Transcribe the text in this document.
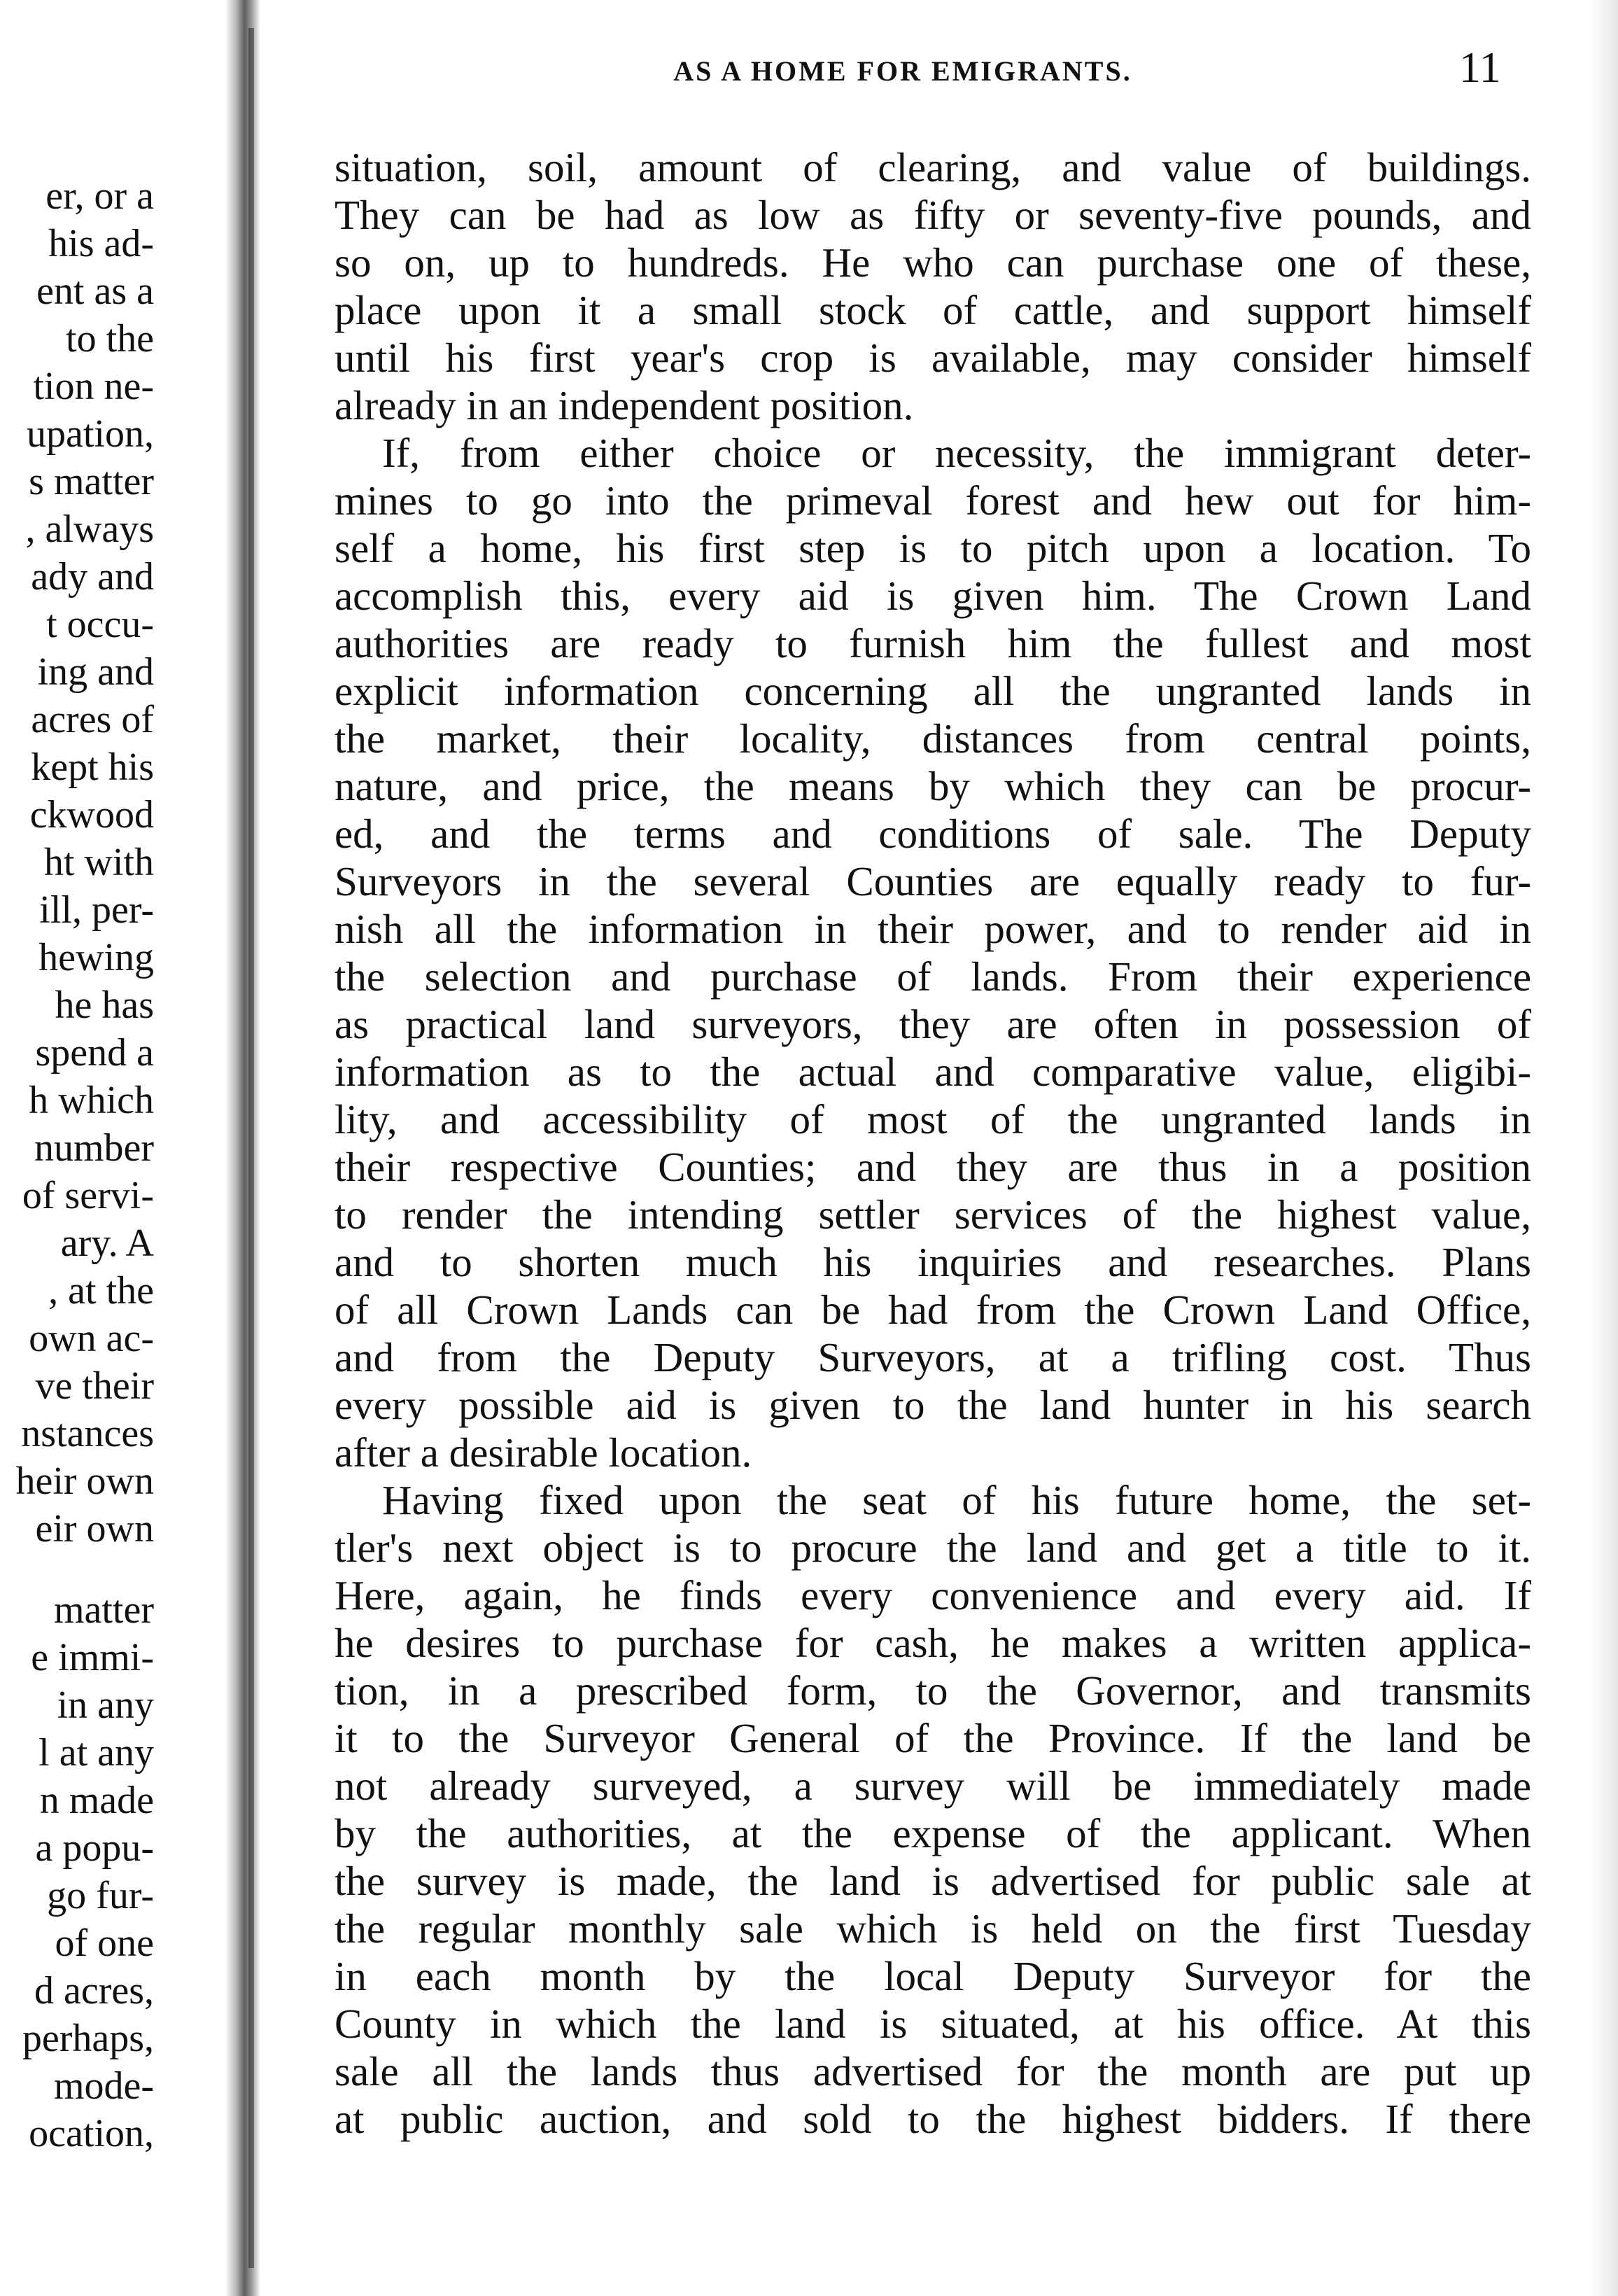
er, or a
his ad-
ent as a
to the
tion ne-
upation,
s matter
, always
ady and
t occu-
ing and
acres of
kept his
ckwood
ht with
ill, per-
hewing
he has
spend a
h which
number
of servi-
ary. A
, at the
own ac-
ve their
nstances
heir own
eir own
matter
e immi-
in any
l at any
n made
a popu-
go fur-
of one
d acres,
perhaps,
mode-
ocation,
AS A HOME FOR EMIGRANTS.	11
situation, soil, amount of clearing, and value of buildings.
They can be had as low as fifty or seventy-five pounds, and
so on, up to hundreds. He who can purchase one of these,
place upon it a small stock of cattle, and support himself
until his first year's crop is available, may consider himself
already in an independent position.
If, from either choice or necessity, the immigrant deter-
mines to go into the primeval forest and hew out for him-
self a home, his first step is to pitch upon a location. To
accomplish this, every aid is given him. The Crown Land
authorities are ready to furnish him the fullest and most
explicit information concerning all the ungranted lands in
the market, their locality, distances from central points,
nature, and price, the means by which they can be procur-
ed, and the terms and conditions of sale. The Deputy
Surveyors in the several Counties are equally ready to fur-
nish all the information in their power, and to render aid in
the selection and purchase of lands. From their experience
as practical land surveyors, they are often in possession of
information as to the actual and comparative value, eligibi-
lity, and accessibility of most of the ungranted lands in
their respective Counties; and they are thus in a position
to render the intending settler services of the highest value,
and to shorten much his inquiries and researches. Plans
of all Crown Lands can be had from the Crown Land Office,
and from the Deputy Surveyors, at a trifling cost. Thus
every possible aid is given to the land hunter in his search
after a desirable location.
Having fixed upon the seat of his future home, the set-
tler's next object is to procure the land and get a title to it.
Here, again, he finds every convenience and every aid. If
he desires to purchase for cash, he makes a written applica-
tion, in a prescribed form, to the Governor, and transmits
it to the Surveyor General of the Province. If the land be
not already surveyed, a survey will be immediately made
by the authorities, at the expense of the applicant. When
the survey is made, the land is advertised for public sale at
the regular monthly sale which is held on the first Tuesday
in each month by the local Deputy Surveyor for the
County in which the land is situated, at his office. At this
sale all the lands thus advertised for the month are put up
at public auction, and sold to the highest bidders. If there
